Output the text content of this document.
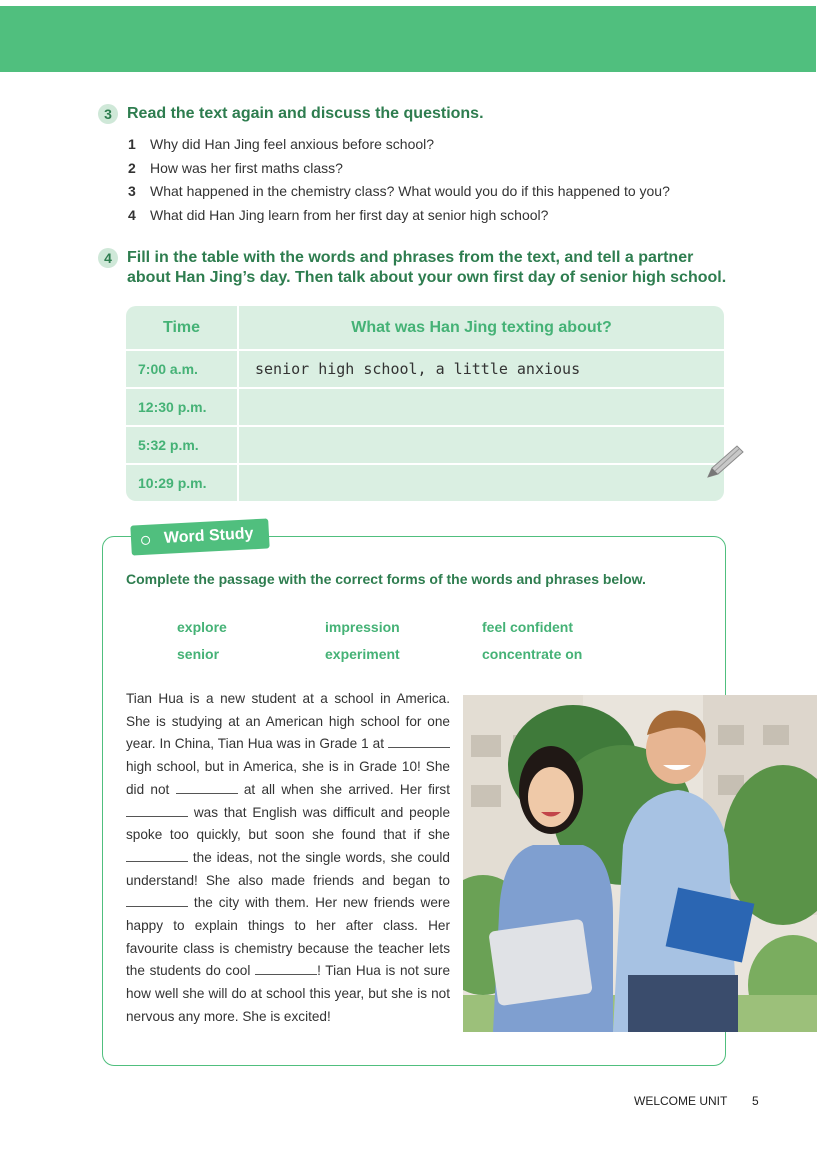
3 Read the text again and discuss the questions.
1	Why did Han Jing feel anxious before school?
2	How was her first maths class?
3	What happened in the chemistry class? What would you do if this happened to you?
4	What did Han Jing learn from her first day at senior high school?
4 Fill in the table with the words and phrases from the text, and tell a partner
about Han Jing’s day. Then talk about your own first day of senior high school.
Time	What was Han Jing texting about?
7:00 a.m.	senior high school, a little anxious
12:30 p.m.	
5:32 p.m.	
10:29 p.m.	
Word Study
Complete the passage with the correct forms of the words and phrases below.
explore	impression	feel confident
senior	experiment	concentrate on
Tian Hua is a new student at a school in America. She is studying at an American high school for one year. In China, Tian Hua was in Grade 1 at  high school, but in America, she is in Grade 10! She did not	at all when she arrived. Her first  was that English was difficult and people spoke too quickly, but soon she found that if she  the ideas, not the single words, she could understand! She also made friends and began to  the city with them. Her new friends were happy to explain things to her after class. Her favourite class is chemistry because the teacher lets the students do cool	! Tian Hua is not sure how well she will do at school this year, but she is not nervous any more. She is excited!
WELCOME UNIT 5
